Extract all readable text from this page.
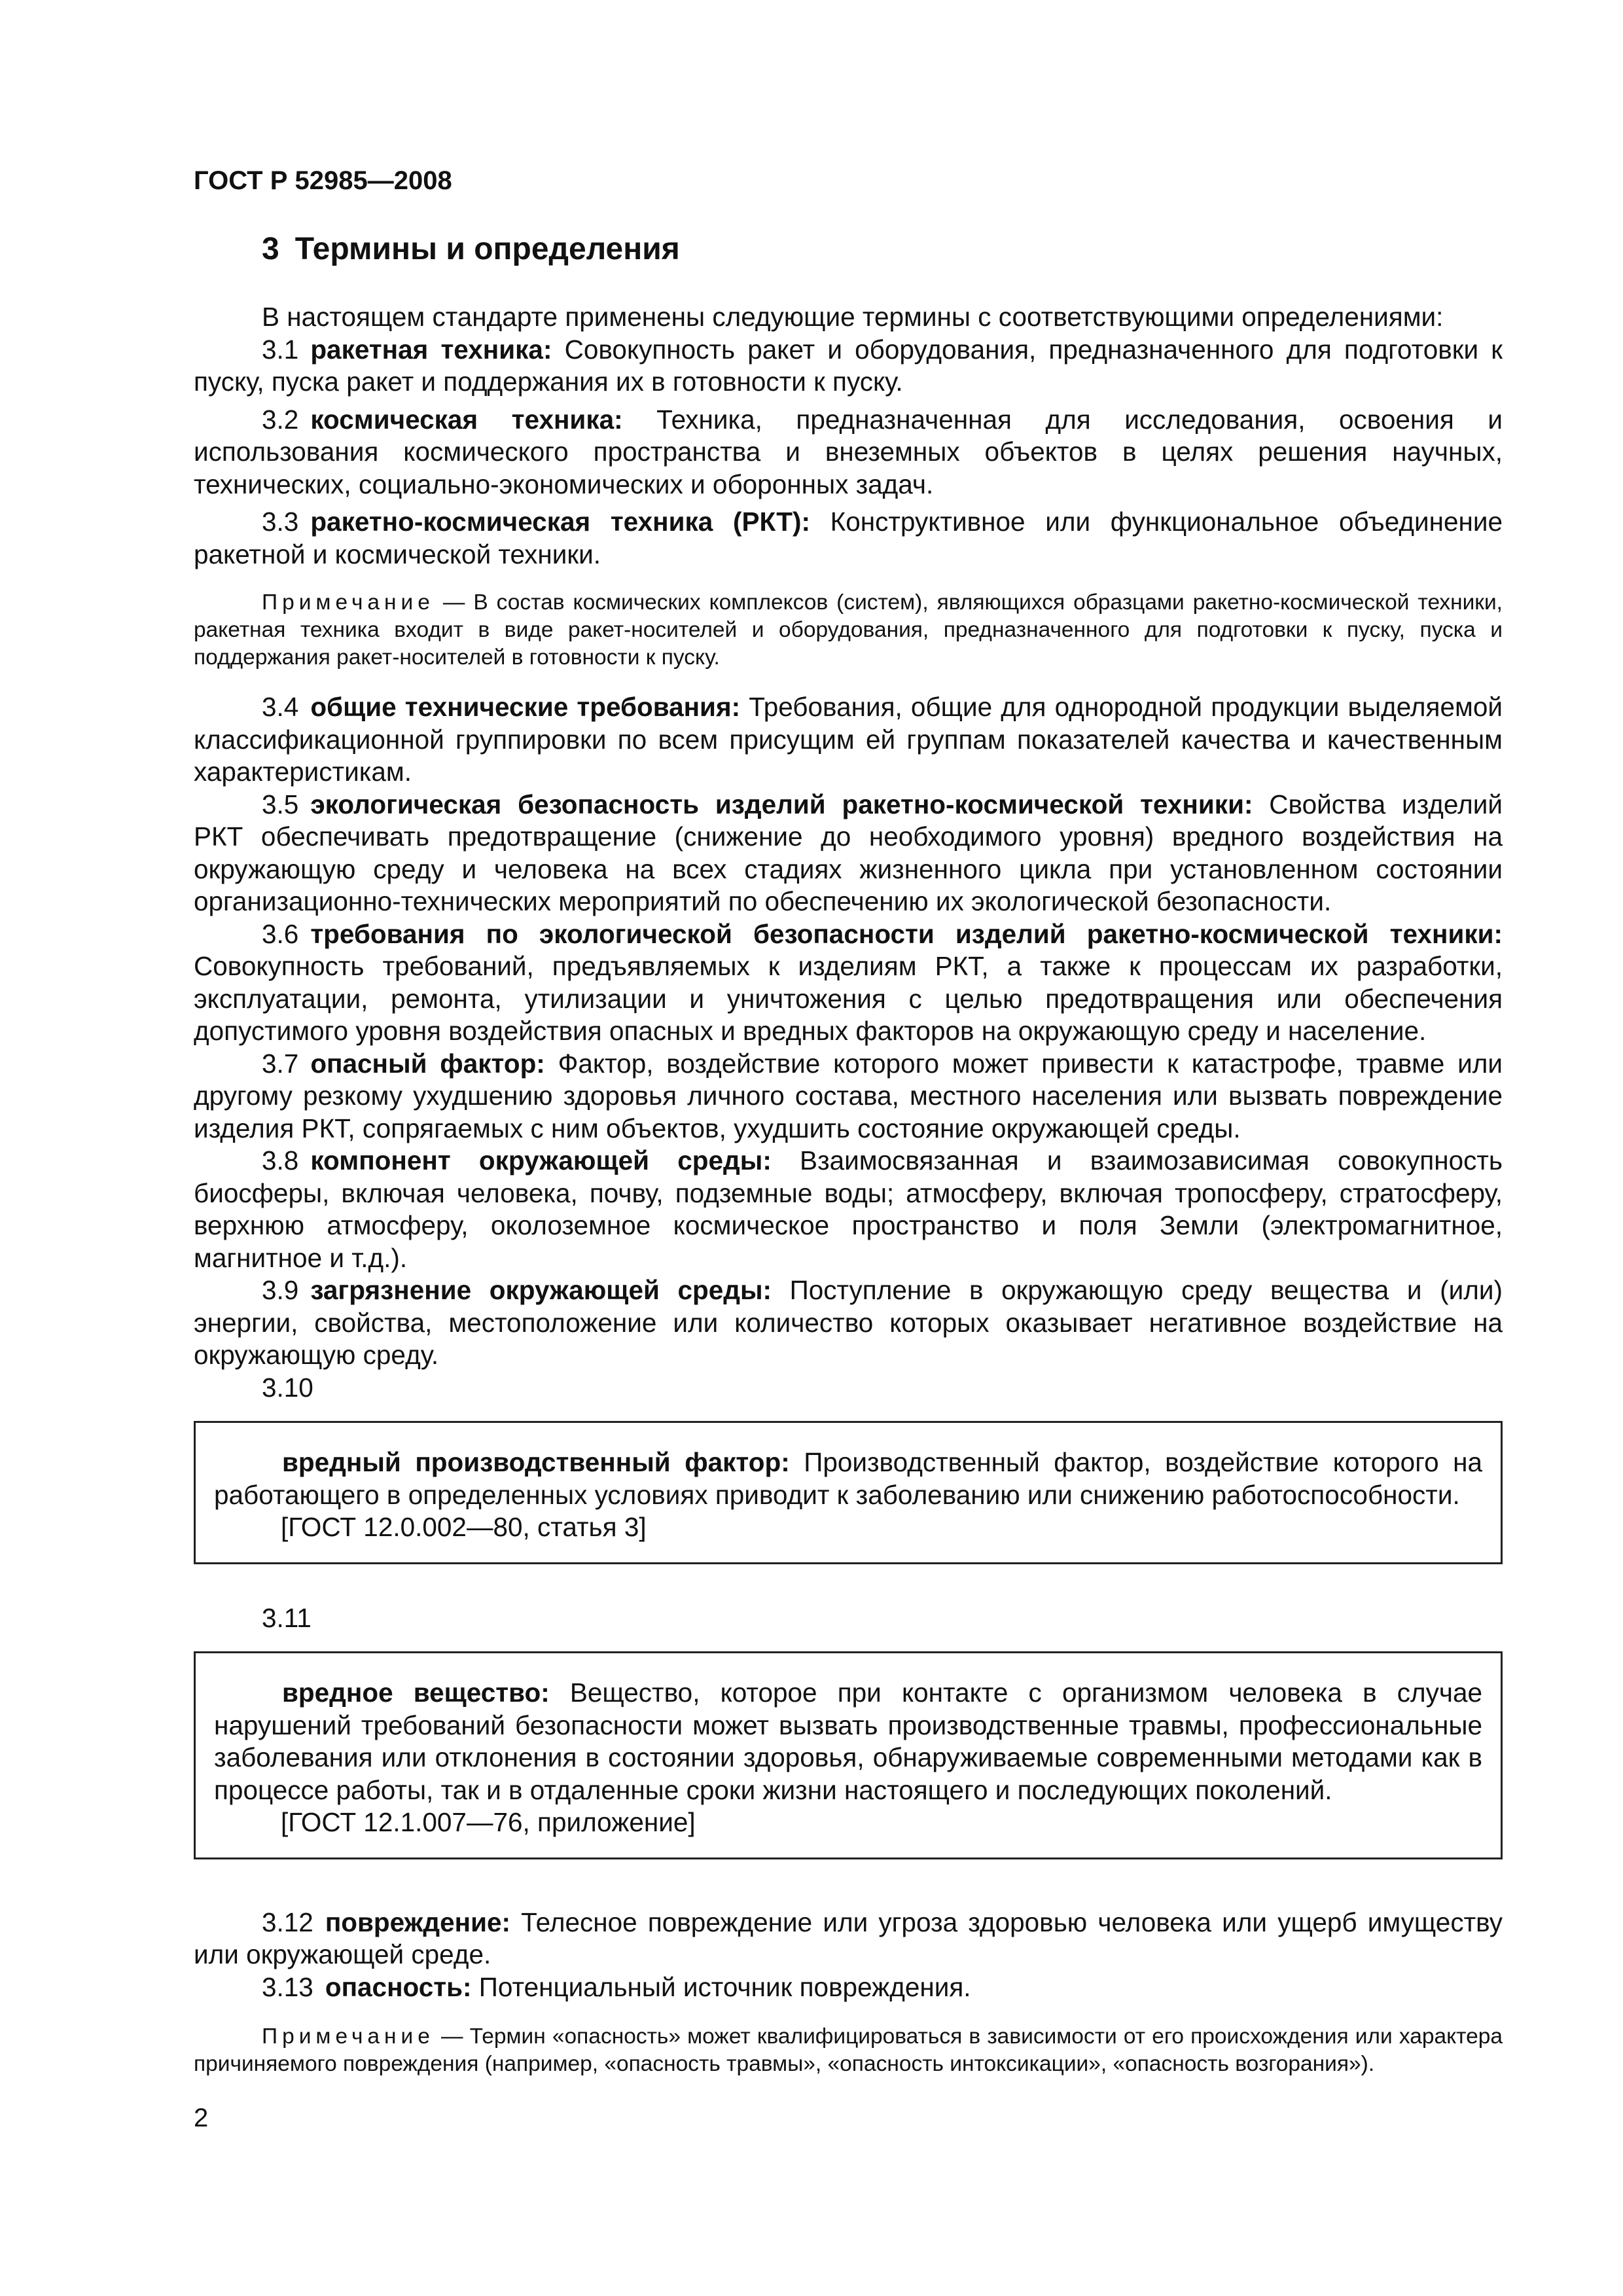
ГОСТ Р 52985—2008

3 Термины и определения

В настоящем стандарте применены следующие термины с соответствующими определениями:

3.1 ракетная техника: Совокупность ракет и оборудования, предназначенного для подготовки к пуску, пуска ракет и поддержания их в готовности к пуску.

3.2 космическая техника: Техника, предназначенная для исследования, освоения и использования космического пространства и внеземных объектов в целях решения научных, технических, социально-экономических и оборонных задач.

3.3 ракетно-космическая техника (РКТ): Конструктивное или функциональное объединение ракетной и космической техники.

Примечание — В состав космических комплексов (систем), являющихся образцами ракетно-космической техники, ракетная техника входит в виде ракет-носителей и оборудования, предназначенного для подготовки к пуску, пуска и поддержания ракет-носителей в готовности к пуску.

3.4 общие технические требования: Требования, общие для однородной продукции выделяемой классификационной группировки по всем присущим ей группам показателей качества и качественным характеристикам.

3.5 экологическая безопасность изделий ракетно-космической техники: Свойства изделий РКТ обеспечивать предотвращение (снижение до необходимого уровня) вредного воздействия на окружающую среду и человека на всех стадиях жизненного цикла при установленном состоянии организационно-технических мероприятий по обеспечению их экологической безопасности.

3.6 требования по экологической безопасности изделий ракетно-космической техники: Совокупность требований, предъявляемых к изделиям РКТ, а также к процессам их разработки, эксплуатации, ремонта, утилизации и уничтожения с целью предотвращения или обеспечения допустимого уровня воздействия опасных и вредных факторов на окружающую среду и население.

3.7 опасный фактор: Фактор, воздействие которого может привести к катастрофе, травме или другому резкому ухудшению здоровья личного состава, местного населения или вызвать повреждение изделия РКТ, сопрягаемых с ним объектов, ухудшить состояние окружающей среды.

3.8 компонент окружающей среды: Взаимосвязанная и взаимозависимая совокупность биосферы, включая человека, почву, подземные воды; атмосферу, включая тропосферу, стратосферу, верхнюю атмосферу, околоземное космическое пространство и поля Земли (электромагнитное, магнитное и т.д.).

3.9 загрязнение окружающей среды: Поступление в окружающую среду вещества и (или) энергии, свойства, местоположение или количество которых оказывает негативное воздействие на окружающую среду.

3.10

вредный производственный фактор: Производственный фактор, воздействие которого на работающего в определенных условиях приводит к заболеванию или снижению работоспособности.

[ГОСТ 12.0.002—80, статья 3]

3.11

вредное вещество: Вещество, которое при контакте с организмом человека в случае нарушений требований безопасности может вызвать производственные травмы, профессиональные заболевания или отклонения в состоянии здоровья, обнаруживаемые современными методами как в процессе работы, так и в отдаленные сроки жизни настоящего и последующих поколений.

[ГОСТ 12.1.007—76, приложение]

3.12 повреждение: Телесное повреждение или угроза здоровью человека или ущерб имуществу или окружающей среде.

3.13 опасность: Потенциальный источник повреждения.

Примечание — Термин «опасность» может квалифицироваться в зависимости от его происхождения или характера причиняемого повреждения (например, «опасность травмы», «опасность интоксикации», «опасность возгорания»).

2
